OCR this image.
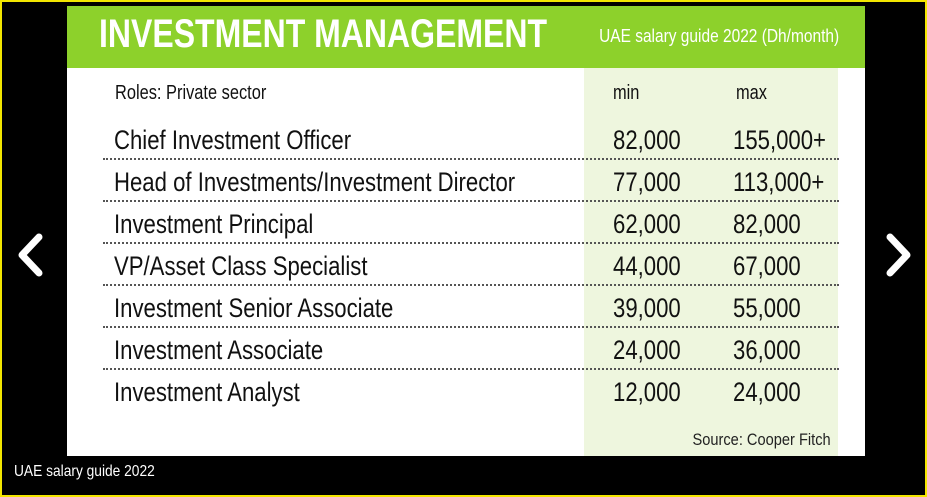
INVESTMENT MANAGEMENT	UAE salary guide 2022 (Dh/month)
Roles: Private sector	min	max
Chief Investment Officer	82,000 155,000+
Head of Investments/Investment Director	77,000 113,000+
Investment Principal	62,000 82,000
VP/Asset Class Specialist	44,000 67,000
Investment Senior Associate	39,000 55,000
Investment Associate	24,000 36,000
Investment Analyst	12,000 24,000
Source: Cooper Fitch
UAE salary guide 2022
